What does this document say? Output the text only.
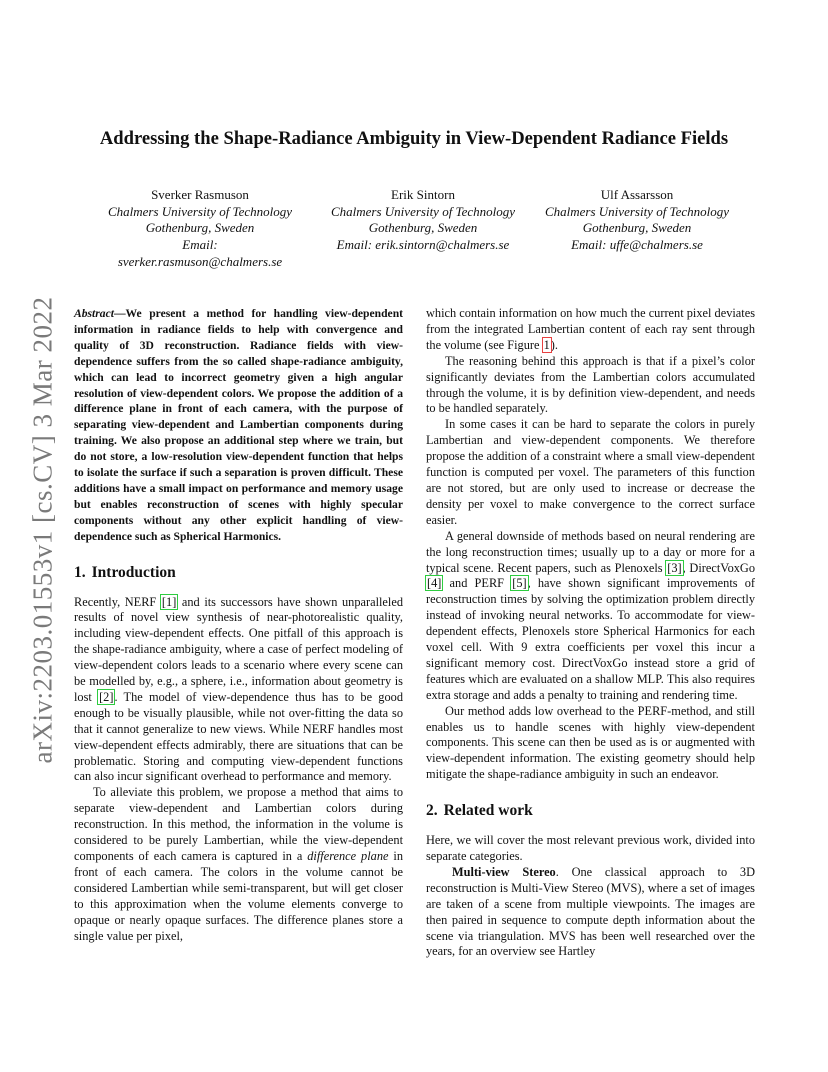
arXiv:2203.01553v1 [cs.CV] 3 Mar 2022
Addressing the Shape-Radiance Ambiguity in View-Dependent Radiance Fields
Sverker Rasmuson
Chalmers University of Technology
Gothenburg, Sweden
Email: sverker.rasmuson@chalmers.se
Erik Sintorn
Chalmers University of Technology
Gothenburg, Sweden
Email: erik.sintorn@chalmers.se
Ulf Assarsson
Chalmers University of Technology
Gothenburg, Sweden
Email: uffe@chalmers.se

Abstract—We present a method for handling view-dependent information in radiance fields to help with convergence and quality of 3D reconstruction. Radiance fields with view-dependence suffers from the so called shape-radiance ambiguity, which can lead to incorrect geometry given a high angular resolution of view-dependent colors. We propose the addition of a difference plane in front of each camera, with the purpose of separating view-dependent and Lambertian components during training. We also propose an additional step where we train, but do not store, a low-resolution view-dependent function that helps to isolate the surface if such a separation is proven difficult. These additions have a small impact on performance and memory usage but enables reconstruction of scenes with highly specular components without any other explicit handling of view-dependence such as Spherical Harmonics.

1. Introduction

Recently, NERF [1] and its successors have shown unparalleled results of novel view synthesis of near-photorealistic quality, including view-dependent effects. One pitfall of this approach is the shape-radiance ambiguity, where a case of perfect modeling of view-dependent colors leads to a scenario where every scene can be modelled by, e.g., a sphere, i.e., information about geometry is lost [2]. The model of view-dependence thus has to be good enough to be visually plausible, while not over-fitting the data so that it cannot generalize to new views. While NERF handles most view-dependent effects admirably, there are situations that can be problematic. Storing and computing view-dependent functions can also incur significant overhead to performance and memory.

To alleviate this problem, we propose a method that aims to separate view-dependent and Lambertian colors during reconstruction. In this method, the information in the volume is considered to be purely Lambertian, while the view-dependent components of each camera is captured in a difference plane in front of each camera. The colors in the volume cannot be considered Lambertian while semi-transparent, but will get closer to this approximation when the volume elements converge to opaque or nearly opaque surfaces. The difference planes store a single value per pixel,

which contain information on how much the current pixel deviates from the integrated Lambertian content of each ray sent through the volume (see Figure 1).

The reasoning behind this approach is that if a pixel’s color significantly deviates from the Lambertian colors accumulated through the volume, it is by definition view-dependent, and needs to be handled separately.

In some cases it can be hard to separate the colors in purely Lambertian and view-dependent components. We therefore propose the addition of a constraint where a small view-dependent function is computed per voxel. The parameters of this function are not stored, but are only used to increase or decrease the density per voxel to make convergence to the correct surface easier.

A general downside of methods based on neural rendering are the long reconstruction times; usually up to a day or more for a typical scene. Recent papers, such as Plenoxels [3], DirectVoxGo [4] and PERF [5], have shown significant improvements of reconstruction times by solving the optimization problem directly instead of invoking neural networks. To accommodate for view-dependent effects, Plenoxels store Spherical Harmonics for each voxel cell. With 9 extra coefficients per voxel this incur a significant memory cost. DirectVoxGo instead store a grid of features which are evaluated on a shallow MLP. This also requires extra storage and adds a penalty to training and rendering time.

Our method adds low overhead to the PERF-method, and still enables us to handle scenes with highly view-dependent components. This scene can then be used as is or augmented with view-dependent information. The existing geometry should help mitigate the shape-radiance ambiguity in such an endeavor.

2. Related work

Here, we will cover the most relevant previous work, divided into separate categories.

Multi-view Stereo. One classical approach to 3D reconstruction is Multi-View Stereo (MVS), where a set of images are taken of a scene from multiple viewpoints. The images are then paired in sequence to compute depth information about the scene via triangulation. MVS has been well researched over the years, for an overview see Hartley
